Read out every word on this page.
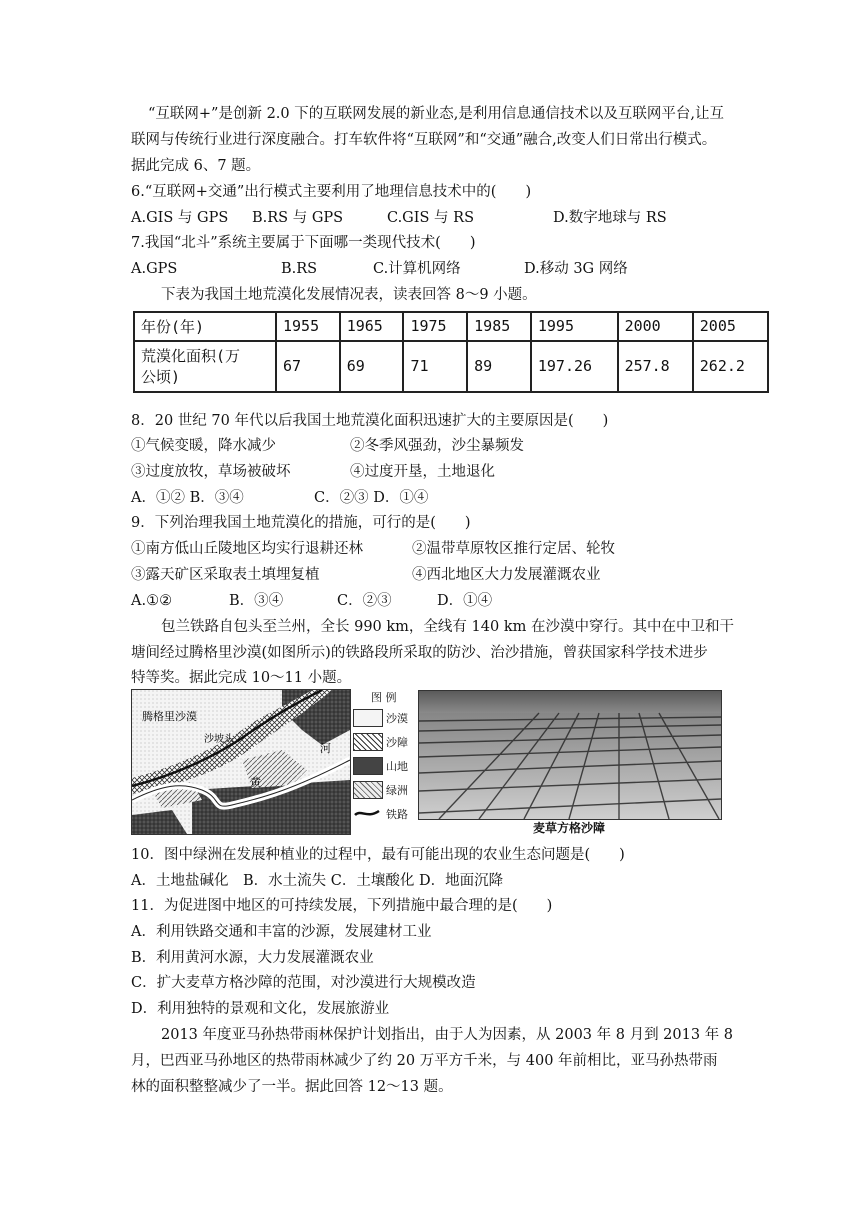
“互联网+”是创新 2.0 下的互联网发展的新业态,是利用信息通信技术以及互联网平台,让互
联网与传统行业进行深度融合。打车软件将“互联网”和“交通”融合,改变人们日常出行模式。
据此完成 6、7 题。
6.“互联网+交通”出行模式主要利用了地理信息技术中的(　　)
A.GIS 与 GPS B.RS 与 GPS	C.GIS 与 RS	D.数字地球与 RS
7.我国“北斗”系统主要属于下面哪一类现代技术(　　)
A.GPS	B.RS	C.计算机网络	D.移动 3G 网络
下表为我国土地荒漠化发展情况表，读表回答 8～9 小题。
年份(年)	1955	1965	1975	1985	1995	2000	2005

荒漠化面积(万
公顷)	67	69	71	89	197.26	257.8	262.2
8．20 世纪 70 年代以后我国土地荒漠化面积迅速扩大的主要原因是(　　)
①气候变暖，降水减少	②冬季风强劲，沙尘暴频发
③过度放牧，草场被破坏	④过度开垦，土地退化
A．①② B．③④	C．②③ D．①④
9．下列治理我国土地荒漠化的措施，可行的是(　　)
①南方低山丘陵地区均实行退耕还林	②温带草原牧区推行定居、轮牧
③露天矿区采取表土填埋复植	④西北地区大力发展灌溉农业
A.①②	B．③④	C．②③	D．①④
包兰铁路自包头至兰州，全长 990 km，全线有 140 km 在沙漠中穿行。其中在中卫和干
塘间经过腾格里沙漠(如图所示)的铁路段所采取的防沙、治沙措施，曾获国家科学技术进步
特等奖。据此完成 10～11 小题。
腾格里沙漠
沙坡头
黄
河
图 例
沙漠
沙障
山地
绿洲
铁路
麦草方格沙障
10．图中绿洲在发展种植业的过程中，最有可能出现的农业生态问题是(　　)
A．土地盐碱化　B．水土流失 C．土壤酸化 D．地面沉降
11．为促进图中地区的可持续发展，下列措施中最合理的是(　　)
A．利用铁路交通和丰富的沙源，发展建材工业
B．利用黄河水源，大力发展灌溉农业
C．扩大麦草方格沙障的范围，对沙漠进行大规模改造
D．利用独特的景观和文化，发展旅游业
2013 年度亚马孙热带雨林保护计划指出，由于人为因素，从 2003 年 8 月到 2013 年 8
月，巴西亚马孙地区的热带雨林减少了约 20 万平方千米，与 400 年前相比，亚马孙热带雨
林的面积整整减少了一半。据此回答 12～13 题。
